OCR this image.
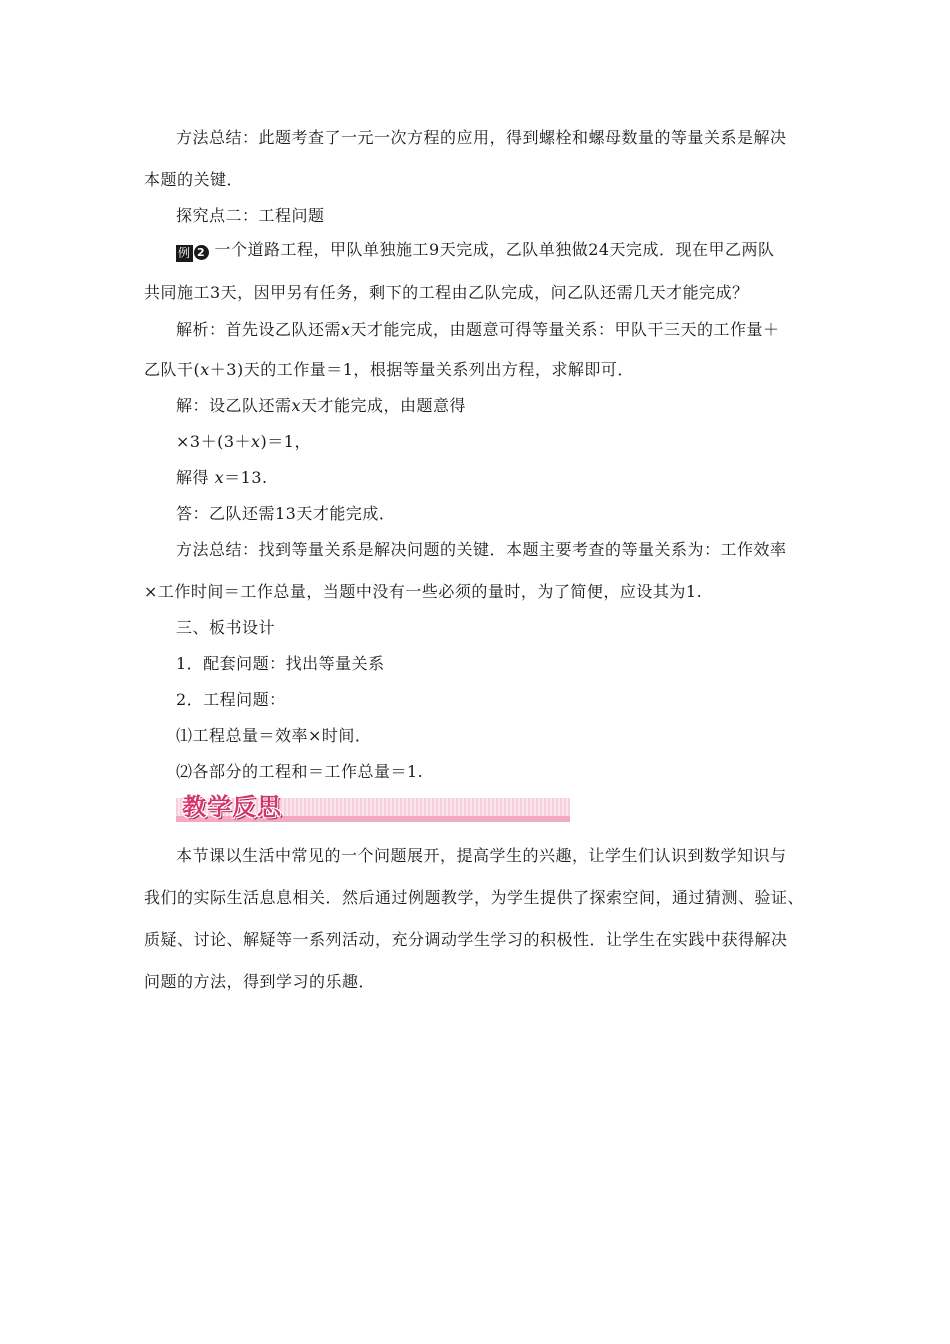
方法总结：此题考查了一元一次方程的应用，得到螺栓和螺母数量的等量关系是解决
本题的关键．
探究点二：工程问题
例 2 一个道路工程，甲队单独施工9天完成，乙队单独做24天完成．现在甲乙两队
共同施工3天，因甲另有任务，剩下的工程由乙队完成，问乙队还需几天才能完成？
解析：首先设乙队还需x天才能完成，由题意可得等量关系：甲队干三天的工作量＋
乙队干(x＋3)天的工作量＝1，根据等量关系列出方程，求解即可．
解：设乙队还需x天才能完成，由题意得
×3＋(3＋x)＝1，
解得 x＝13.
答：乙队还需13天才能完成．
方法总结：找到等量关系是解决问题的关键．本题主要考查的等量关系为：工作效率
×工作时间＝工作总量，当题中没有一些必须的量时，为了简便，应设其为1.
三、板书设计
1．配套问题：找出等量关系
2．工程问题：
⑴工程总量＝效率×时间．
⑵各部分的工程和＝工作总量＝1.
教学反思
本节课以生活中常见的一个问题展开，提高学生的兴趣，让学生们认识到数学知识与
我们的实际生活息息相关．然后通过例题教学，为学生提供了探索空间，通过猜测、验证、
质疑、讨论、解疑等一系列活动，充分调动学生学习的积极性．让学生在实践中获得解决
问题的方法，得到学习的乐趣．
